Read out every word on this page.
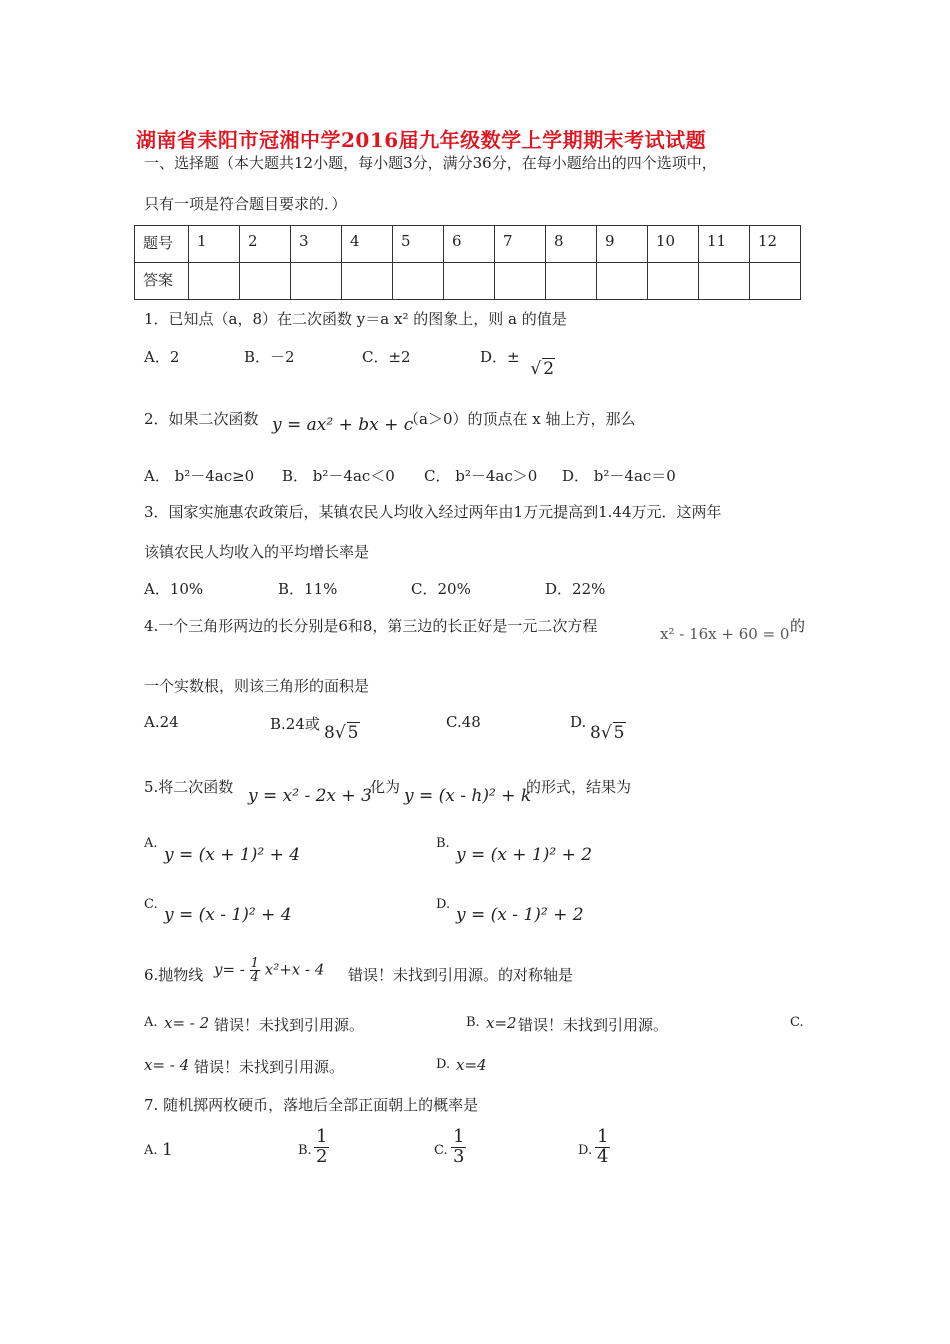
湖南省耒阳市冠湘中学2016届九年级数学上学期期末考试试题
一、选择题（本大题共12小题，每小题3分，满分36分，在每小题给出的四个选项中，
只有一项是符合题目要求的．）
题号	1	2	3	4	5	6	7	8	9	10	11	12
答案												
1．已知点（a，8）在二次函数 y＝a x² 的图象上，则 a 的值是
A．2	B．－2	C．±2	D．± √ 2
2．如果二次函数 y = ax² + bx + c
（a＞0）的顶点在 x 轴上方，那么
A． b²－4ac≥0 B． b²－4ac＜0 C． b²－4ac＞0 D． b²－4ac＝0
3．国家实施惠农政策后，某镇农民人均收入经过两年由1万元提高到1.44万元．这两年
该镇农民人均收入的平均增长率是
A．10%	B．11%	C．20%	D．22%
4.一个三角形两边的长分别是6和8，第三边的长正好是一元二次方程	x² - 16x + 60 = 0 的
一个实数根，则该三角形的面积是
A.24	B.24或 8√ 5
C.48	D.
8√ 5
5.将二次函数 y = x² - 2x + 3
化为 y = (x - h)² + k
的形式，结果为
A.
y = (x + 1)² + 4
B.
y = (x + 1)² + 2
C.
y = (x - 1)² + 4
D.
y = (x - 1)² + 2
6.抛物线 $y= - \frac{1}{4} x^2+x - 4$ 错误！未找到引用源。的对称轴是
A. x= - 2 错误！未找到引用源。	B. x=2 错误！未找到引用源。	C.
x= - 4 错误！未找到引用源。	D. x=4
7. 随机掷两枚硬币，落地后全部正面朝上的概率是
A. 1	B. $\frac{1}{2}$	C. $\frac{1}{3}$	D. $\frac{1}{4}$
